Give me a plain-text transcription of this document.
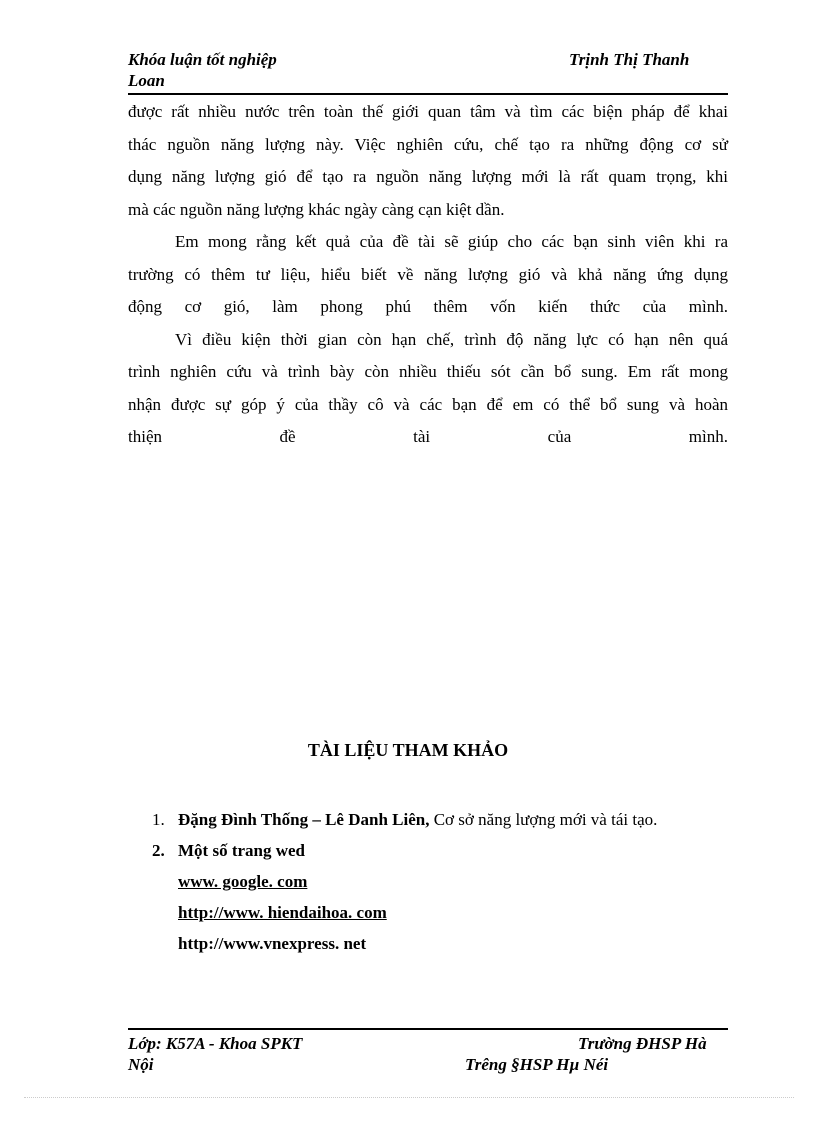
Khóa luận tốt nghiệp	Trịnh Thị Thanh
Loan

được rất nhiều nước trên toàn thế giới quan tâm và tìm các biện pháp để khai

thác nguồn năng lượng này. Việc nghiên cứu, chế tạo ra những động cơ sử

dụng năng lượng gió để tạo ra nguồn năng lượng mới là rất quam trọng, khi

mà các nguồn năng lượng khác ngày càng cạn kiệt dần.

Em mong rằng kết quả của đề tài sẽ giúp cho các bạn sinh viên khi ra

trường có thêm tư liệu, hiểu biết về năng lượng gió và khả năng ứng dụng

động cơ gió, làm phong phú thêm vốn kiến thức của mình.

Vì điều kiện thời gian còn hạn chế, trình độ năng lực có hạn nên quá

trình nghiên cứu và trình bày còn nhiều thiếu sót cần bổ sung. Em rất mong

nhận được sự góp ý của thầy cô và các bạn để em có thể bổ sung và hoàn

thiện đề tài của mình.

TÀI LIỆU THAM KHẢO
1. Đặng Đình Thống – Lê Danh Liên, Cơ sở năng lượng mới và tái tạo.
2. Một số trang wed
www. google. com
http://www. hiendaihoa. com
http://www.vnexpress. net
Lớp: K57A - Khoa SPKT	Trường ĐHSP Hà
Nội	Trêng §HSP Hµ Néi
